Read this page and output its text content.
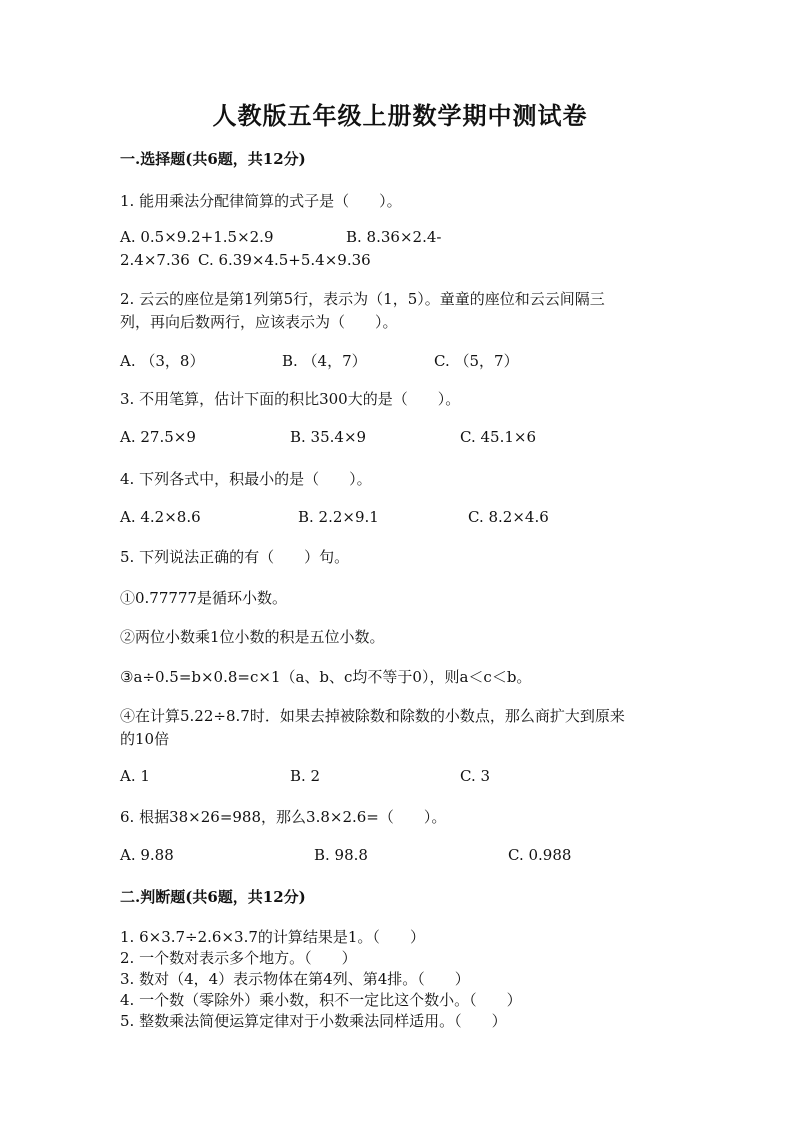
人教版五年级上册数学期中测试卷
一.选择题(共6题，共12分)
1. 能用乘法分配律简算的式子是（　　）。
A. 0.5×9.2+1.5×2.9	B. 8.36×2.4-
2.4×7.36 C. 6.39×4.5+5.4×9.36
2. 云云的座位是第1列第5行，表示为（1，5）。童童的座位和云云间隔三
列，再向后数两行，应该表示为（　　）。
A. （3，8）	B. （4，7）	C. （5，7）
3. 不用笔算，估计下面的积比300大的是（　　）。
A. 27.5×9	B. 35.4×9	C. 45.1×6
4. 下列各式中，积最小的是（　　）。
A. 4.2×8.6	B. 2.2×9.1	C. 8.2×4.6
5. 下列说法正确的有（　　）句。
①0.77777是循环小数。
②两位小数乘1位小数的积是五位小数。
③a÷0.5=b×0.8=c×1（a、b、c均不等于0），则a＜c＜b。
④在计算5.22÷8.7时．如果去掉被除数和除数的小数点，那么商扩大到原来
的10倍
A. 1	B. 2	C. 3
6. 根据38×26=988，那么3.8×2.6=（　　）。
A. 9.88	B. 98.8	C. 0.988
二.判断题(共6题，共12分)
1. 6×3.7÷2.6×3.7的计算结果是1。（　　）
2. 一个数对表示多个地方。（　　）
3. 数对（4，4）表示物体在第4列、第4排。（　　）
4. 一个数（零除外）乘小数，积不一定比这个数小。（　　）
5. 整数乘法简便运算定律对于小数乘法同样适用。（　　）
